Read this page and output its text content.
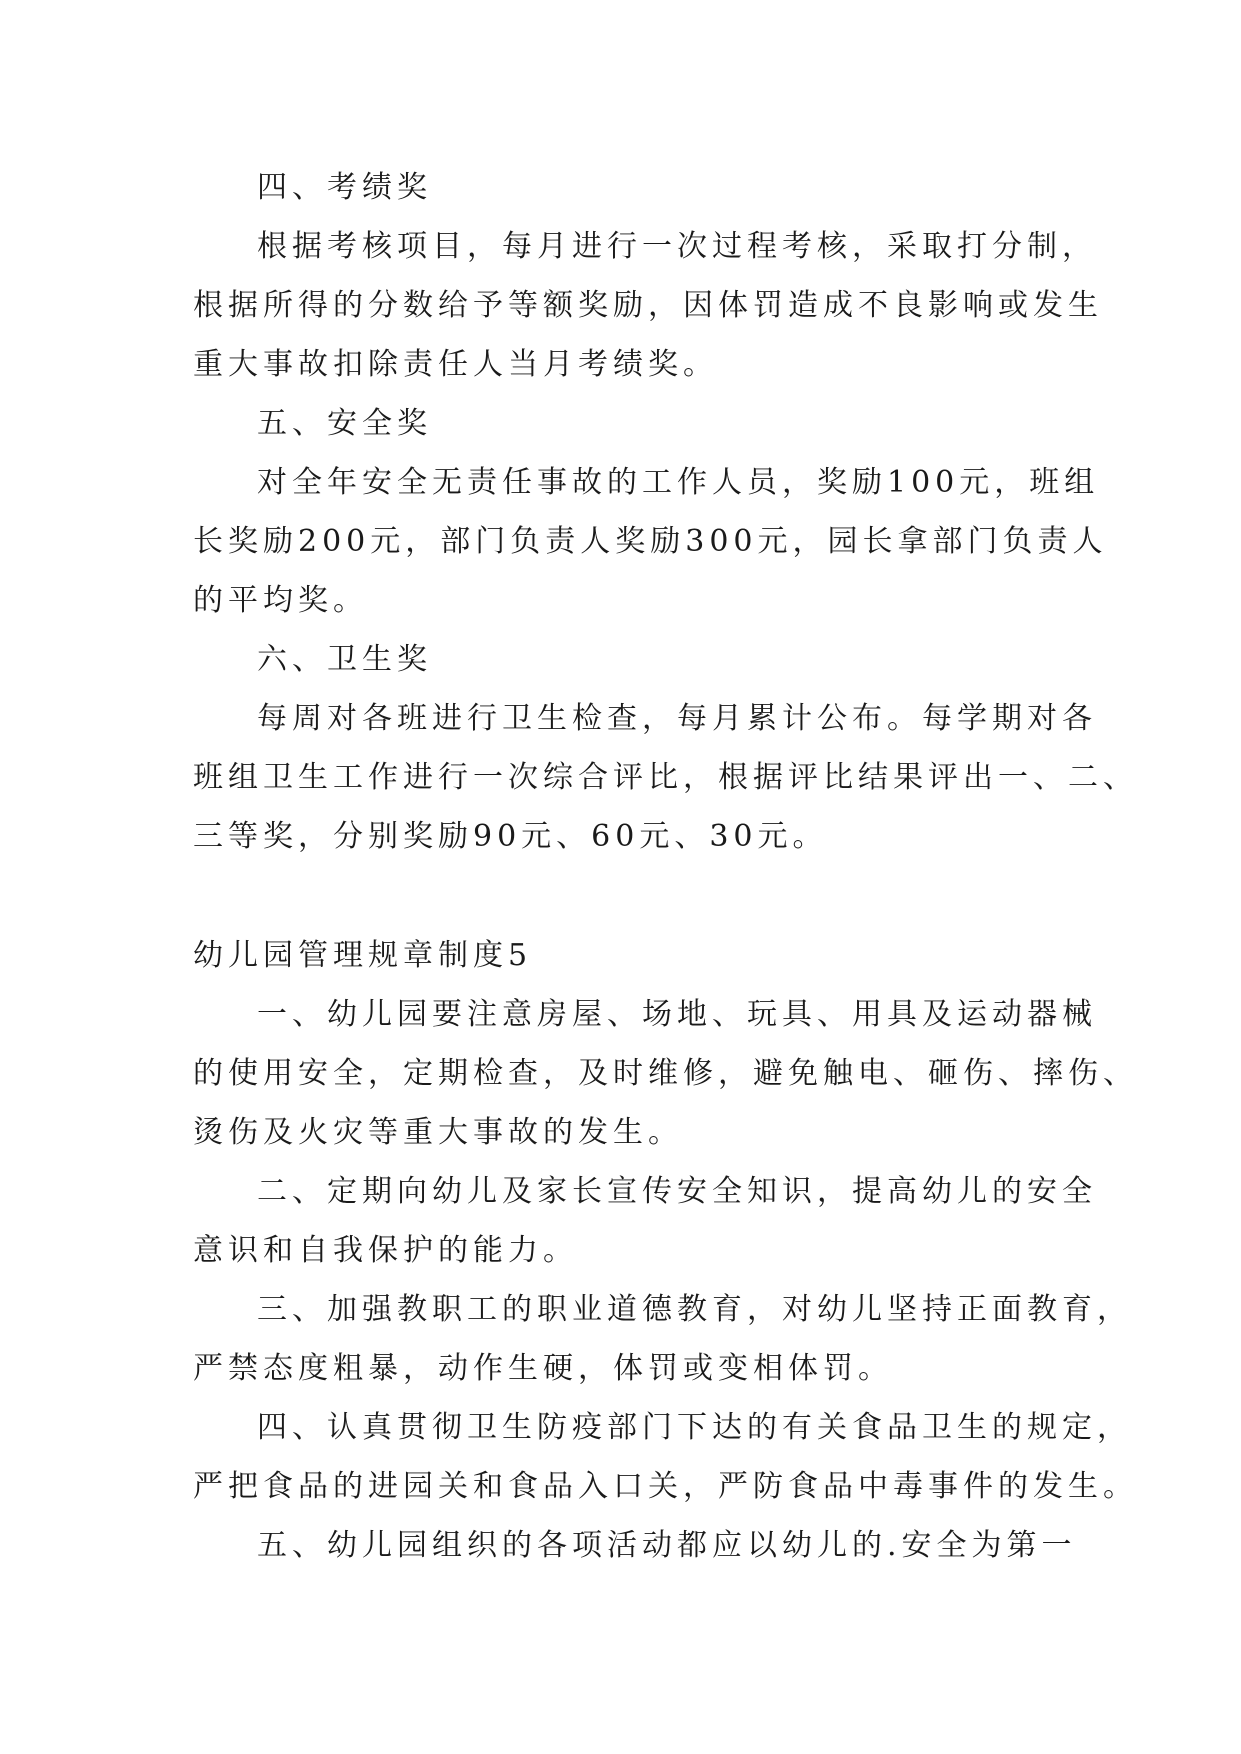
四、考绩奖
根据考核项目，每月进行一次过程考核，采取打分制，
根据所得的分数给予等额奖励，因体罚造成不良影响或发生
重大事故扣除责任人当月考绩奖。
五、安全奖
对全年安全无责任事故的工作人员，奖励100元，班组
长奖励200元，部门负责人奖励300元，园长拿部门负责人
的平均奖。
六、卫生奖
每周对各班进行卫生检查，每月累计公布。每学期对各
班组卫生工作进行一次综合评比，根据评比结果评出一、二、
三等奖，分别奖励90元、60元、30元。
幼儿园管理规章制度5
一、幼儿园要注意房屋、场地、玩具、用具及运动器械
的使用安全，定期检查，及时维修，避免触电、砸伤、摔伤、
烫伤及火灾等重大事故的发生。
二、定期向幼儿及家长宣传安全知识，提高幼儿的安全
意识和自我保护的能力。
三、加强教职工的职业道德教育，对幼儿坚持正面教育，
严禁态度粗暴，动作生硬，体罚或变相体罚。
四、认真贯彻卫生防疫部门下达的有关食品卫生的规定，
严把食品的进园关和食品入口关，严防食品中毒事件的发生。
五、幼儿园组织的各项活动都应以幼儿的.安全为第一
